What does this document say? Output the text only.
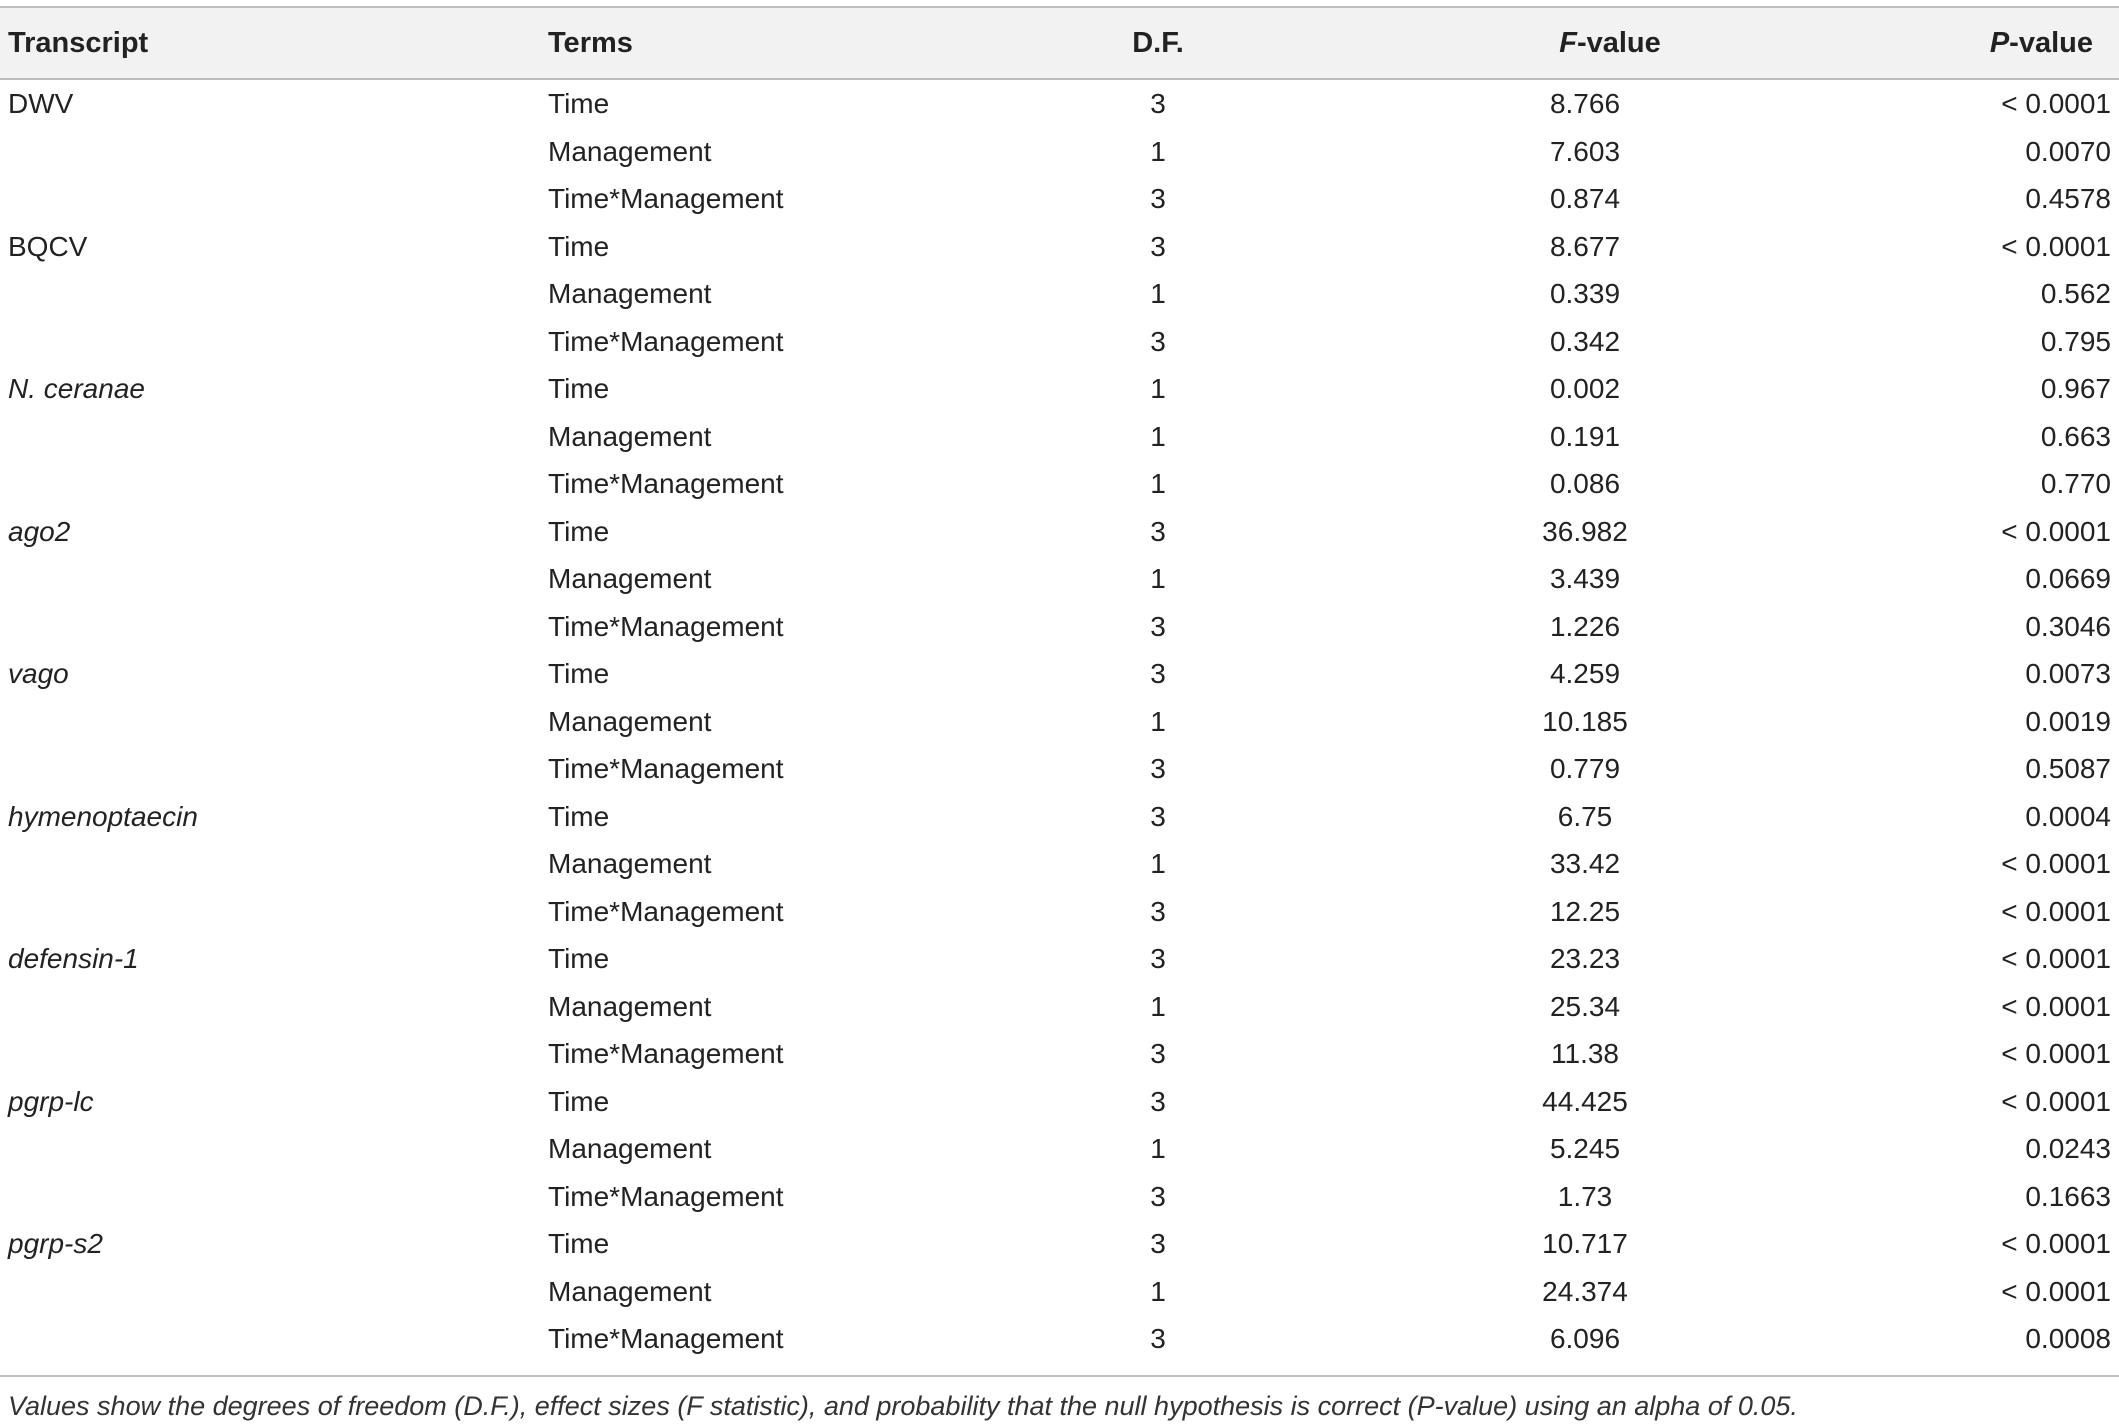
Transcript	Terms	D.F.	F-value	P-value
DWV	Time	3	8.766	< 0.0001
Management	1	7.603	0.0070
Time*Management	3	0.874	0.4578
BQCV	Time	3	8.677	< 0.0001
Management	1	0.339	0.562
Time*Management	3	0.342	0.795
N. ceranae	Time	1	0.002	0.967
Management	1	0.191	0.663
Time*Management	1	0.086	0.770
ago2	Time	3	36.982	< 0.0001
Management	1	3.439	0.0669
Time*Management	3	1.226	0.3046
vago	Time	3	4.259	0.0073
Management	1	10.185	0.0019
Time*Management	3	0.779	0.5087
hymenoptaecin	Time	3	6.75	0.0004
Management	1	33.42	< 0.0001
Time*Management	3	12.25	< 0.0001
defensin-1	Time	3	23.23	< 0.0001
Management	1	25.34	< 0.0001
Time*Management	3	11.38	< 0.0001
pgrp-lc	Time	3	44.425	< 0.0001
Management	1	5.245	0.0243
Time*Management	3	1.73	0.1663
pgrp-s2	Time	3	10.717	< 0.0001
Management	1	24.374	< 0.0001
Time*Management	3	6.096	0.0008
Values show the degrees of freedom (D.F.), effect sizes (F statistic), and probability that the null hypothesis is correct (P-value) using an alpha of 0.05.
